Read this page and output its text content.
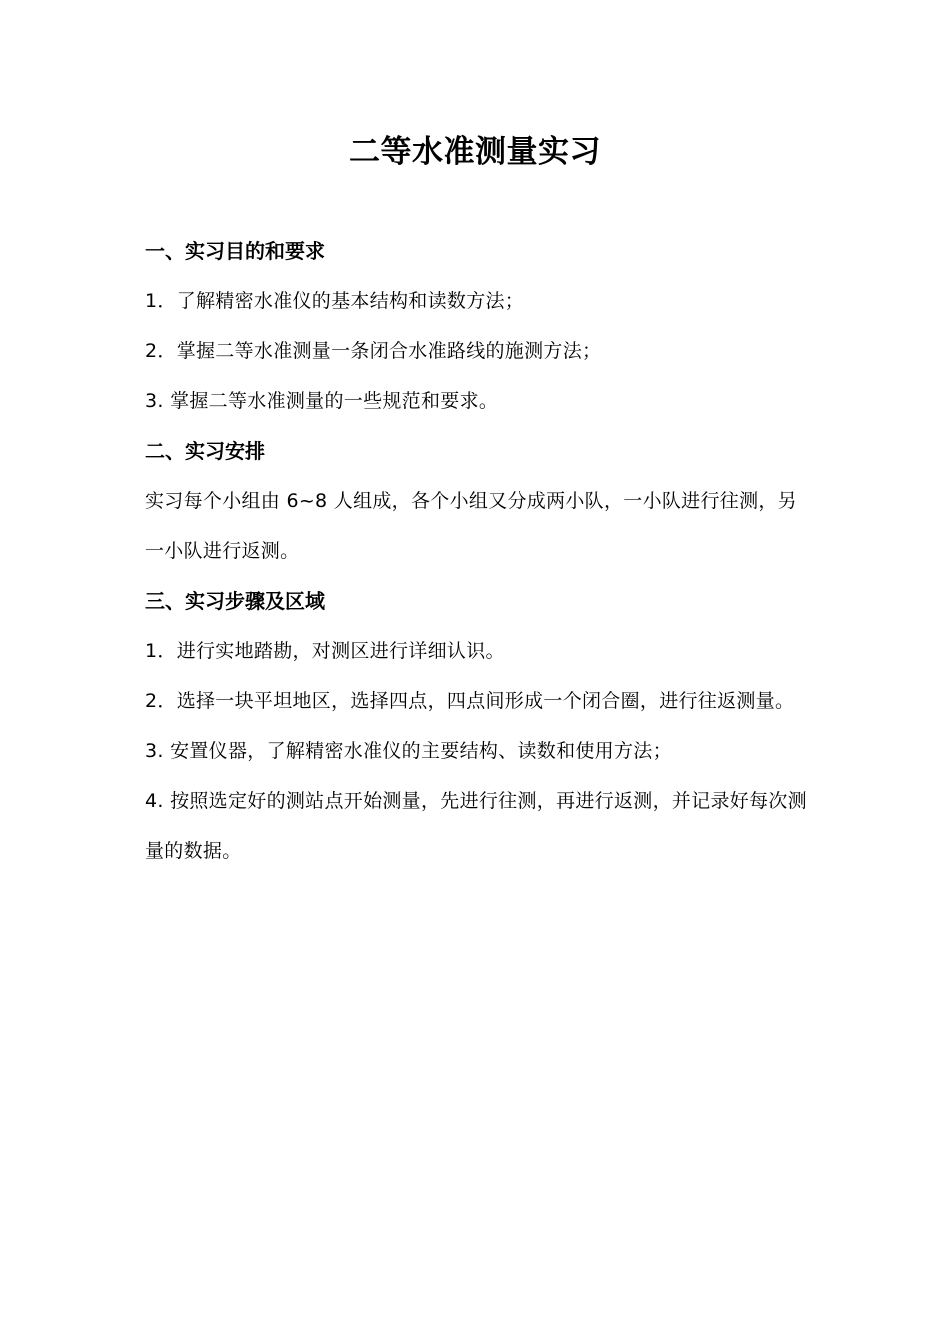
二等水准测量实习
一、实习目的和要求

1．了解精密水准仪的基本结构和读数方法；

2．掌握二等水准测量一条闭合水准路线的施测方法；

3. 掌握二等水准测量的一些规范和要求。

二、实习安排

实习每个小组由 6~8 人组成，各个小组又分成两小队，一小队进行往测，另一小队进行返测。

三、实习步骤及区域

1．进行实地踏勘，对测区进行详细认识。

2．选择一块平坦地区，选择四点，四点间形成一个闭合圈，进行往返测量。

3. 安置仪器，了解精密水准仪的主要结构、读数和使用方法；

4. 按照选定好的测站点开始测量，先进行往测，再进行返测，并记录好每次测量的数据。
